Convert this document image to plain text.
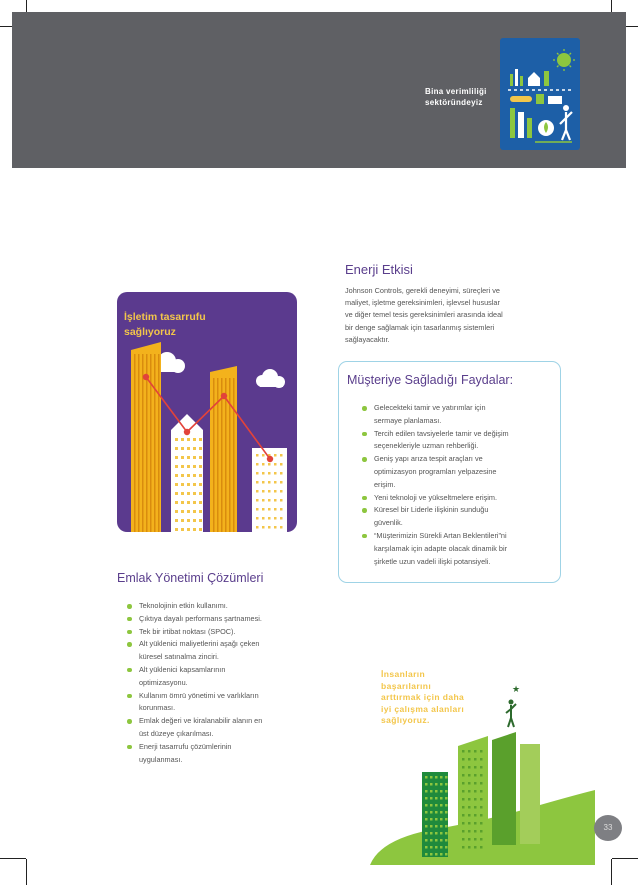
Bina verimliliği
sektöründeyiz
Enerji Etkisi
Johnson Controls, gerekli deneyimi, süreçleri ve
maliyet, işletme gereksinimleri, işlevsel hususlar
ve diğer temel tesis gereksinimleri arasında ideal
bir denge sağlamak için tasarlanmış sistemleri
sağlayacaktır.
Müşteriye Sağladığı Faydalar:
Gelecekteki tamir ve yatırımlar için
sermaye planlaması.
Tercih edilen tavsiyelerle tamir ve değişim
seçenekleriyle uzman rehberliği.
Geniş yapı arıza tespit araçları ve
optimizasyon programları yelpazesine
erişim.
Yeni teknoloji ve yükseltmelere erişim.
Küresel bir Liderle ilişkinin sunduğu
güvenlik.
“Müşterimizin Sürekli Artan Beklentileri”ni
karşılamak için adapte olacak dinamik bir
şirketle uzun vadeli ilişki potansiyeli.
İşletim tasarrufu
sağlıyoruz
Emlak Yönetimi Çözümleri
Teknolojinin etkin kullanımı.
Çıktıya dayalı performans şartnamesi.
Tek bir irtibat noktası (SPOC).
Alt yüklenici maliyetlerini aşağı çeken
küresel satınalma zinciri.
Alt yüklenici kapsamlarının
optimizasyonu.
Kullanım ömrü yönetimi ve varlıkların
korunması.
Emlak değeri ve kiralanabilir alanın en
üst düzeye çıkarılması.
Enerji tasarrufu çözümlerinin
uygulanması.
★
İnsanların
başarılarını
arttırmak için daha
iyi çalışma alanları
sağlıyoruz.
33
